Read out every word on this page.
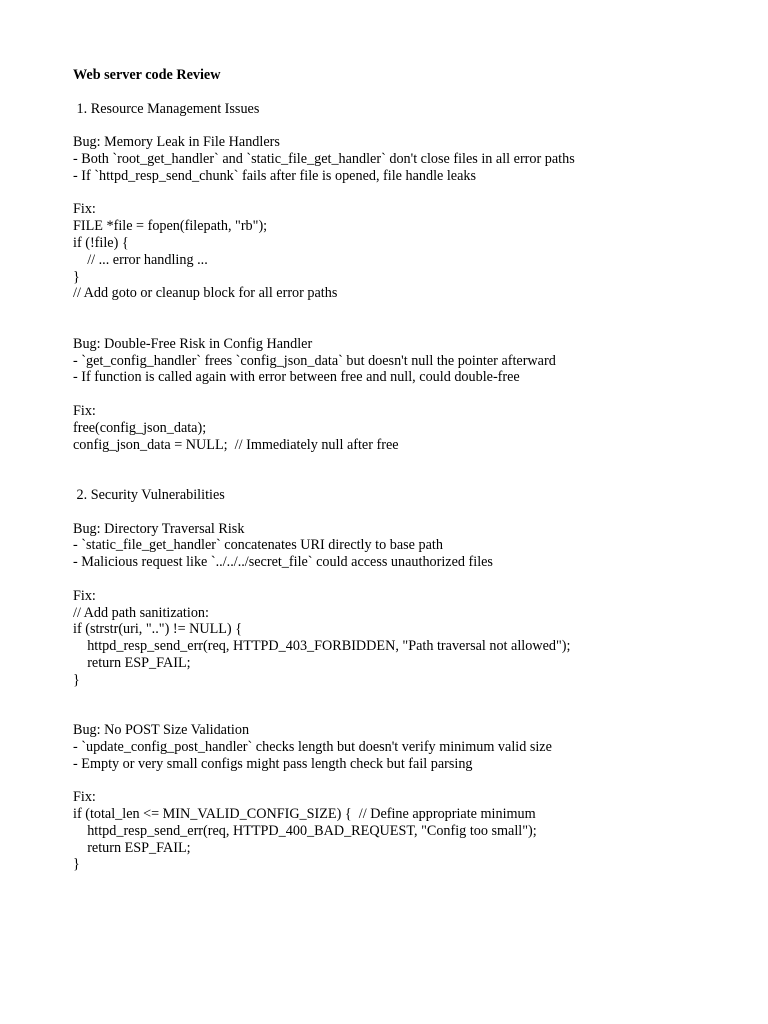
Web server code Review
1. Resource Management Issues
Bug: Memory Leak in File Handlers
- Both `root_get_handler` and `static_file_get_handler` don't close files in all error paths
- If `httpd_resp_send_chunk` fails after file is opened, file handle leaks
Fix:
FILE *file = fopen(filepath, "rb");
if (!file) {
// ... error handling ...
}
// Add goto or cleanup block for all error paths
Bug: Double-Free Risk in Config Handler
- `get_config_handler` frees `config_json_data` but doesn't null the pointer afterward
- If function is called again with error between free and null, could double-free
Fix:
free(config_json_data);
config_json_data = NULL;  // Immediately null after free
2. Security Vulnerabilities
Bug: Directory Traversal Risk
- `static_file_get_handler` concatenates URI directly to base path
- Malicious request like `../../../secret_file` could access unauthorized files
Fix:
// Add path sanitization:
if (strstr(uri, "..") != NULL) {
httpd_resp_send_err(req, HTTPD_403_FORBIDDEN, "Path traversal not allowed");
return ESP_FAIL;
}
Bug: No POST Size Validation
- `update_config_post_handler` checks length but doesn't verify minimum valid size
- Empty or very small configs might pass length check but fail parsing
Fix:
if (total_len <= MIN_VALID_CONFIG_SIZE) {  // Define appropriate minimum
httpd_resp_send_err(req, HTTPD_400_BAD_REQUEST, "Config too small");
return ESP_FAIL;
}
